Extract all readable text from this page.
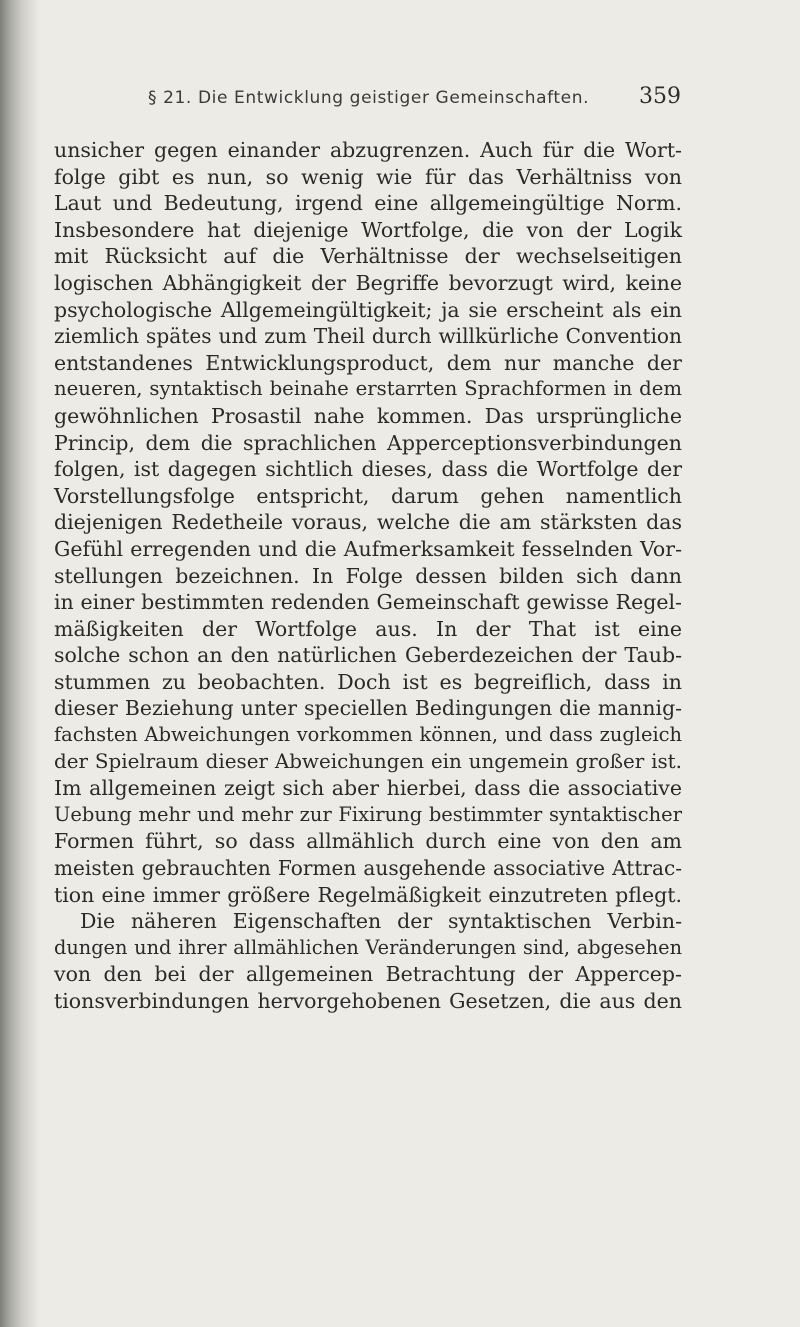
§ 21. Die Entwicklung geistiger Gemeinschaften. 359
unsicher gegen einander abzugrenzen. Auch für die Wort-
folge gibt es nun, so wenig wie für das Verhältniss von
Laut und Bedeutung, irgend eine allgemeingültige Norm.
Insbesondere hat diejenige Wortfolge, die von der Logik
mit Rücksicht auf die Verhältnisse der wechselseitigen
logischen Abhängigkeit der Begriffe bevorzugt wird, keine
psychologische Allgemeingültigkeit; ja sie erscheint als ein
ziemlich spätes und zum Theil durch willkürliche Convention
entstandenes Entwicklungsproduct, dem nur manche der
neueren, syntaktisch beinahe erstarrten Sprachformen in dem
gewöhnlichen Prosastil nahe kommen. Das ursprüngliche
Princip, dem die sprachlichen Apperceptionsverbindungen
folgen, ist dagegen sichtlich dieses, dass die Wortfolge der
Vorstellungsfolge entspricht, darum gehen namentlich
diejenigen Redetheile voraus, welche die am stärksten das
Gefühl erregenden und die Aufmerksamkeit fesselnden Vor-
stellungen bezeichnen. In Folge dessen bilden sich dann
in einer bestimmten redenden Gemeinschaft gewisse Regel-
mäßigkeiten der Wortfolge aus. In der That ist eine
solche schon an den natürlichen Geberdezeichen der Taub-
stummen zu beobachten. Doch ist es begreiflich, dass in
dieser Beziehung unter speciellen Bedingungen die mannig-
fachsten Abweichungen vorkommen können, und dass zugleich
der Spielraum dieser Abweichungen ein ungemein großer ist.
Im allgemeinen zeigt sich aber hierbei, dass die associative
Uebung mehr und mehr zur Fixirung bestimmter syntaktischer
Formen führt, so dass allmählich durch eine von den am
meisten gebrauchten Formen ausgehende associative Attrac-
tion eine immer größere Regelmäßigkeit einzutreten pflegt.
Die näheren Eigenschaften der syntaktischen Verbin-
dungen und ihrer allmählichen Veränderungen sind, abgesehen
von den bei der allgemeinen Betrachtung der Appercep-
tionsverbindungen hervorgehobenen Gesetzen, die aus den
